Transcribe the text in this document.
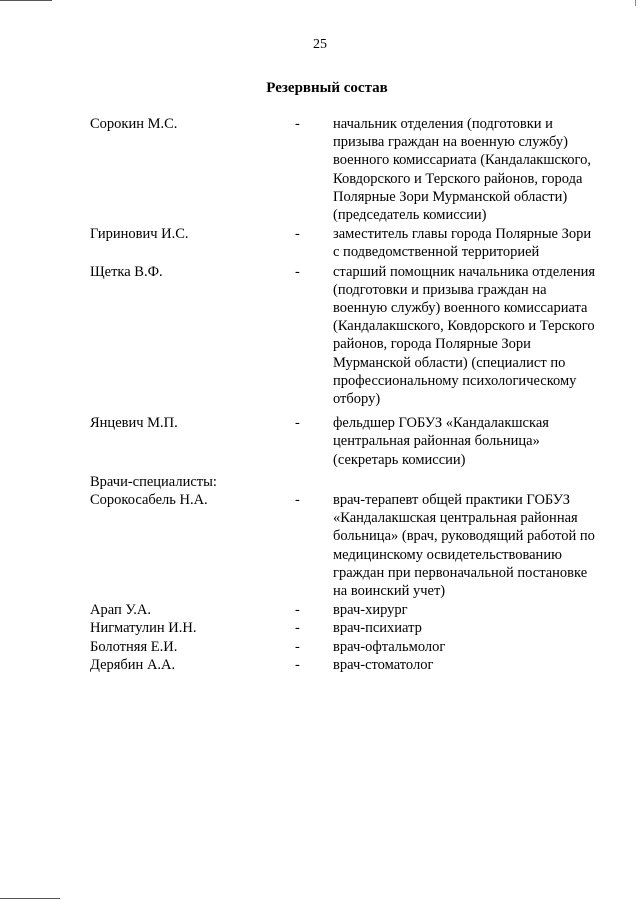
25
Резервный состав
Сорокин М.С.	-	начальник отделения (подготовки и
призыва граждан на военную службу)
военного комиссариата (Кандалакшского,
Ковдорского и Терского районов, города
Полярные Зори Мурманской области)
(председатель комиссии)
Гиринович И.С.	-	заместитель главы города Полярные Зори
с подведомственной территорией
Щетка В.Ф.	-	старший помощник начальника отделения
(подготовки и призыва граждан на
военную службу) военного комиссариата
(Кандалакшского, Ковдорского и Терского
районов, города Полярные Зори
Мурманской области) (специалист по
профессиональному психологическому
отбору)
Янцевич М.П.	-	фельдшер ГОБУЗ «Кандалакшская
центральная районная больница»
(секретарь комиссии)
Врачи-специалисты:
Сорокосабель Н.А.	-	врач-терапевт общей практики ГОБУЗ
«Кандалакшская центральная районная
больница» (врач, руководящий работой по
медицинскому освидетельствованию
граждан при первоначальной постановке
на воинский учет)
Арап У.А.	-	врач-хирург
Нигматулин И.Н.	-	врач-психиатр
Болотняя Е.И.	-	врач-офтальмолог
Дерябин А.А.	-	врач-стоматолог
